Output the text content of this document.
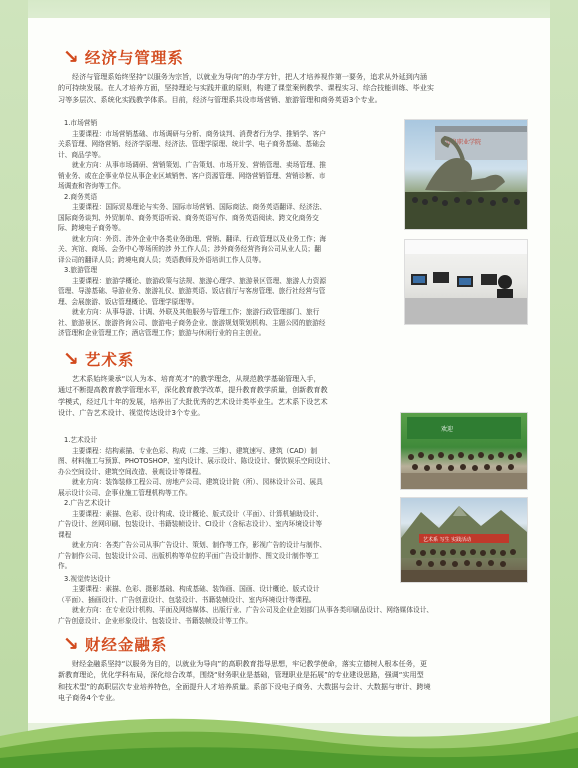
↘ 经济与管理系
经济与管理系始终坚持“以服务为宗旨，以就业为导向”的办学方针，把人才培养视作第一要务，追求从外延到内涵
的可持续发展。在人才培养方面，坚持理论与实践并重的原则，构建了课堂案例教学、课程实习、综合技能训练、毕业实
习等多层次、系统化实践教学体系。目前，经济与管理系共设市场营销、旅游管理和商务英语3个专业。
1.市场营销
主要课程：市场营销基础、市场调研与分析、商务谈判、消费者行为学、推销学、客户
关系管理、网络营销、经济学原理、经济法、管理学原理、统计学、电子商务基础、基础会
计、商品学等。
就业方向：从事市场调研、营销策划、广告策划、市场开发、营销管理、卖场管理、推
销业务、或在企事业单位从事企业区域销售、客户资源管理、网络营销管理、营销诊断、市
场调查和咨询等工作。
2.商务英语
主要课程：国际贸易理论与实务、国际市场营销、国际商法、商务英语翻译、经济法、
国际商务谈判、外贸制单、商务英语听说、商务英语写作、商务英语阅读、跨文化商务交
际、跨境电子商务等。
就业方向：外资、涉外企业中各类业务助理、营销、翻译、行政管理以及业务工作；海
关、宾馆、商场、会务中心等场所的涉 外工作人员；涉外商务经营咨询公司从业人员；翻
译公司的翻译人员；跨境电商人员；英语教师及外语培训工作人员等。
3.旅游管理
主要课程：旅游学概论、旅游政策与法规、旅游心理学、旅游景区管理、旅游人力资源
管理、导游基础、导游业务、旅游礼仪、旅游英语、饭店前厅与客房管理、旅行社经营与管
理、会展旅游、饭店管理概论、管理学原理等。
就业方向：从事导游、计调、外联及其他服务与管理工作；旅游行政管理部门、旅行
社、旅游景区、旅游咨询公司、旅游电子商务企业、旅游规划策划机构、主题公园的旅游经
济管理和企业管理工作；酒店管理工作；旅游与休闲行业的自主创业。
清泉职业学院
↘ 艺术系
艺术系始终秉承“以人为本、培育英才”的教学理念，从规范教学基础管理入手，
通过不断提高教育教学管理水平，深化教育教学改革，提升教育教学质量，创新教育教
学模式，经过几十年的发展，培养出了大批优秀的艺术设计类毕业生。艺术系下设艺术
设计、广告艺术设计、视觉传达设计3个专业。
1.艺术设计
主要课程：结构素描、专业色彩、构成（二维、三维）、建筑速写、建筑（CAD）制
图、材料施工与预算、PHOTOSHOP、室内设计、展示设计、陈设设计、餐饮娱乐空间设计、
办公空间设计、建筑空间改造、景观设计等课程。
就业方向：装饰装修工程公司、房地产公司、建筑设计院（所）、园林设计公司、展具
展示设计公司、企事业施工管理机构等工作。
2.广告艺术设计
主要课程：素描、色彩、设计构成、设计概论、版式设计（平面）、计算机辅助设计、
广告设计、丝网印刷、包装设计、书籍装帧设计、CI设计（含标志设计）、室内环境设计等
课程
就业方向：各类广告公司从事广告设计、策划、制作等工作，影视广告的设计与制作、
广告制作公司、包装设计公司、出版机构等单位的平面广告设计制作、图文设计制作等工
作。
3.视觉传达设计
主要课程：素描、色彩、摄影基础、构成基础、装饰画、国画、设计概论、版式设计
（平面）、插画设计、广告创意设计、包装设计、书籍装帧设计、室内环境设计等课程。
就业方向：在专业设计机构、平面及网络媒体、出版行业、广告公司及企业企划部门从事各类印刷品设计、网络媒体设计、
广告创意设计、企业形象设计、包装设计、书籍装帧设计等工作。
欢迎
艺术系 写生 实践活动
↘ 财经金融系
财经金融系坚持“以服务为目的，以就业为导向”的高职教育指导思想，牢记教学使命，落实立德树人根本任务，更
新教育理论，优化学科布局，深化综合改革，围绕“财务职业是基础，管理职业是拓展”的专业建设思路，强调“实用型
和技术型”的高职层次专业培养特色，全面提升人才培养质量。系部下设电子商务、大数据与会计、大数据与审计、跨境
电子商务4个专业。
